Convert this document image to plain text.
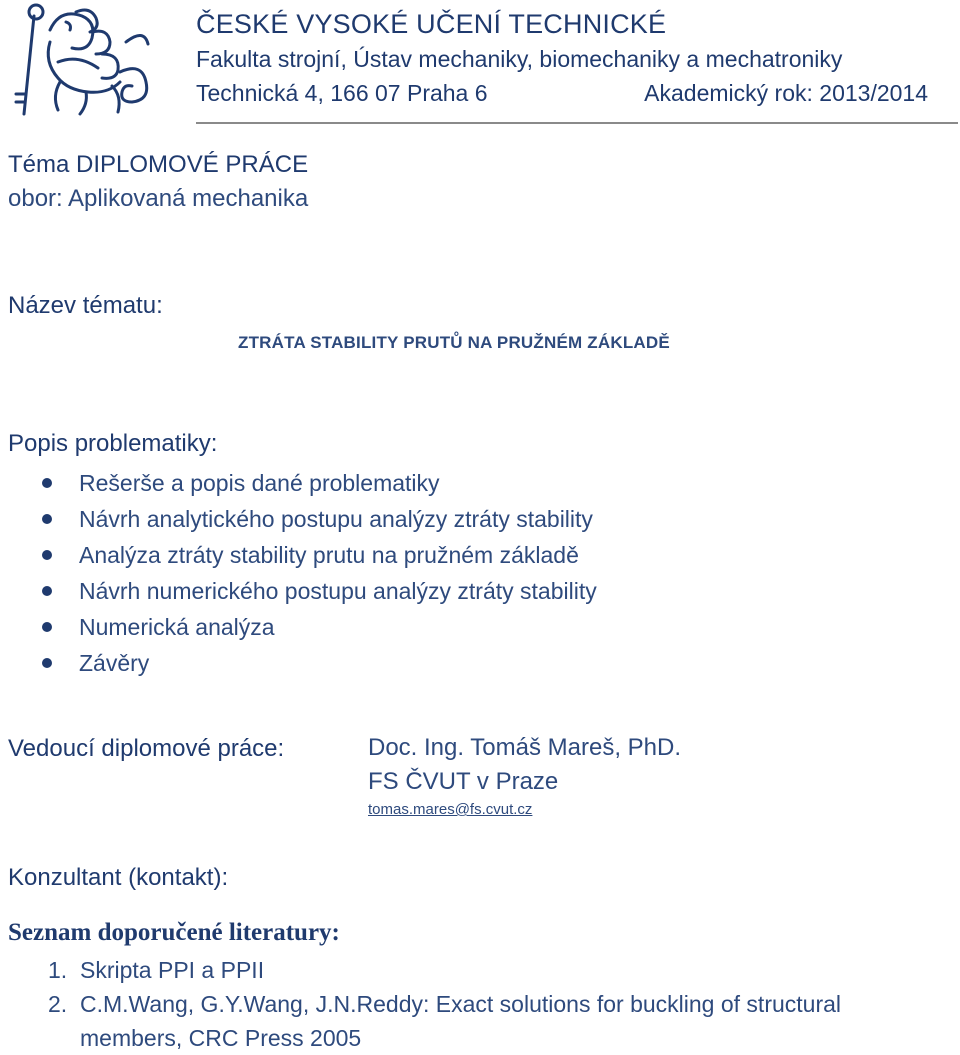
ČESKÉ VYSOKÉ UČENÍ TECHNICKÉ
Fakulta strojní, Ústav mechaniky, biomechaniky a mechatroniky
Technická 4, 166 07 Praha 6	Akademický rok: 2013/2014
Téma DIPLOMOVÉ PRÁCE
obor: Aplikovaná mechanika
Název tématu:
ZTRÁTA STABILITY PRUTŮ NA PRUŽNÉM ZÁKLADĚ
Popis problematiky:
Rešerše a popis dané problematiky
Návrh analytického postupu analýzy ztráty stability
Analýza ztráty stability prutu na pružném základě
Návrh numerického postupu analýzy ztráty stability
Numerická analýza
Závěry
Vedoucí diplomové práce:	Doc. Ing. Tomáš Mareš, PhD.
FS ČVUT v Praze
tomas.mares@fs.cvut.cz
Konzultant (kontakt):
Seznam doporučené literatury:
1. Skripta PPI a PPII
2. C.M.Wang, G.Y.Wang, J.N.Reddy: Exact solutions for buckling of structural members, CRC Press 2005
